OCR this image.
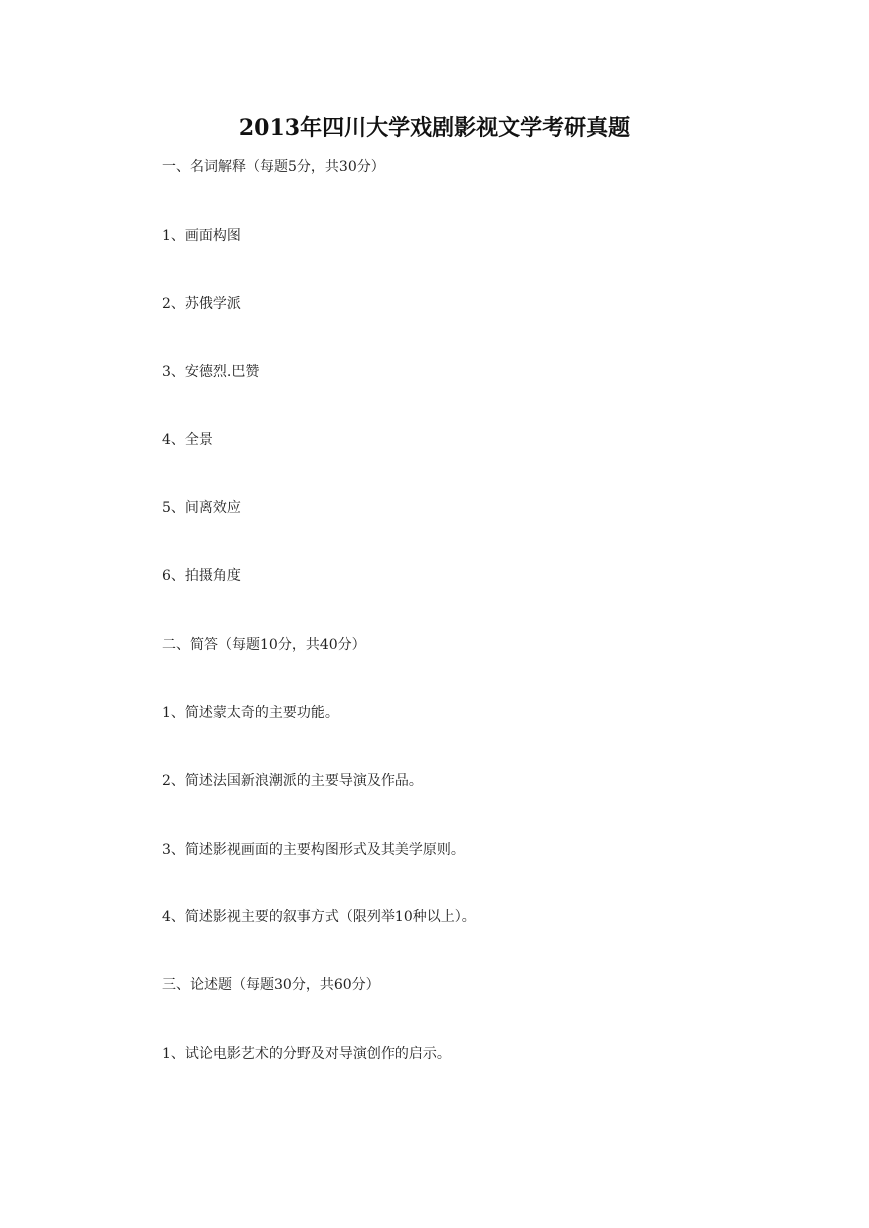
2013年四川大学戏剧影视文学考研真题
一、名词解释（每题5分，共30分）
1、画面构图
2、苏俄学派
3、安德烈.巴赞
4、全景
5、间离效应
6、拍摄角度
二、简答（每题10分，共40分）
1、简述蒙太奇的主要功能。
2、简述法国新浪潮派的主要导演及作品。
3、简述影视画面的主要构图形式及其美学原则。
4、简述影视主要的叙事方式（限列举10种以上）。
三、论述题（每题30分，共60分）
1、试论电影艺术的分野及对导演创作的启示。
